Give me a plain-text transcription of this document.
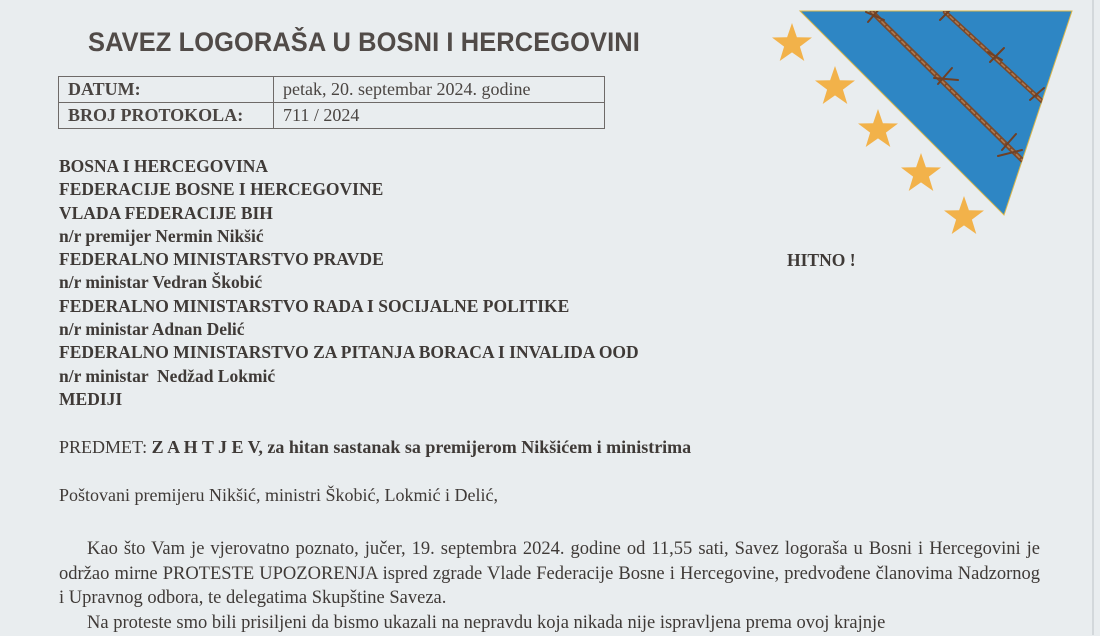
SAVEZ LOGORAŠA U BOSNI I HERCEGOVINI
DATUM:	petak, 20. septembar 2024. godine
BROJ PROTOKOLA:	711 / 2024
BOSNA I HERCEGOVINA
FEDERACIJE BOSNE I HERCEGOVINE
VLADA FEDERACIJE BIH
n/r premijer Nermin Nikšić
FEDERALNO MINISTARSTVO PRAVDE
n/r ministar Vedran Škobić
FEDERALNO MINISTARSTVO RADA I SOCIJALNE POLITIKE
n/r ministar Adnan Delić
FEDERALNO MINISTARSTVO ZA PITANJA BORACA I INVALIDA OOD
n/r ministar  Nedžad Lokmić
MEDIJI
HITNO !
PREDMET: Z A H T J E V, za hitan sastanak sa premijerom Nikšićem i ministrima
Poštovani premijeru Nikšić, ministri Škobić, Lokmić i Delić,

Kao što Vam je vjerovatno poznato, jučer, 19. septembra 2024. godine od 11,55 sati, Savez logoraša u Bosni i Hercegovini je održao mirne PROTESTE UPOZORENJA ispred zgrade Vlade Federacije Bosne i Hercegovine, predvođene članovima Nadzornog i Upravnog odbora, te delegatima Skupštine Saveza.

Na proteste smo bili prisiljeni da bismo ukazali na nepravdu koja nikada nije ispravljena prema ovoj krajnje
